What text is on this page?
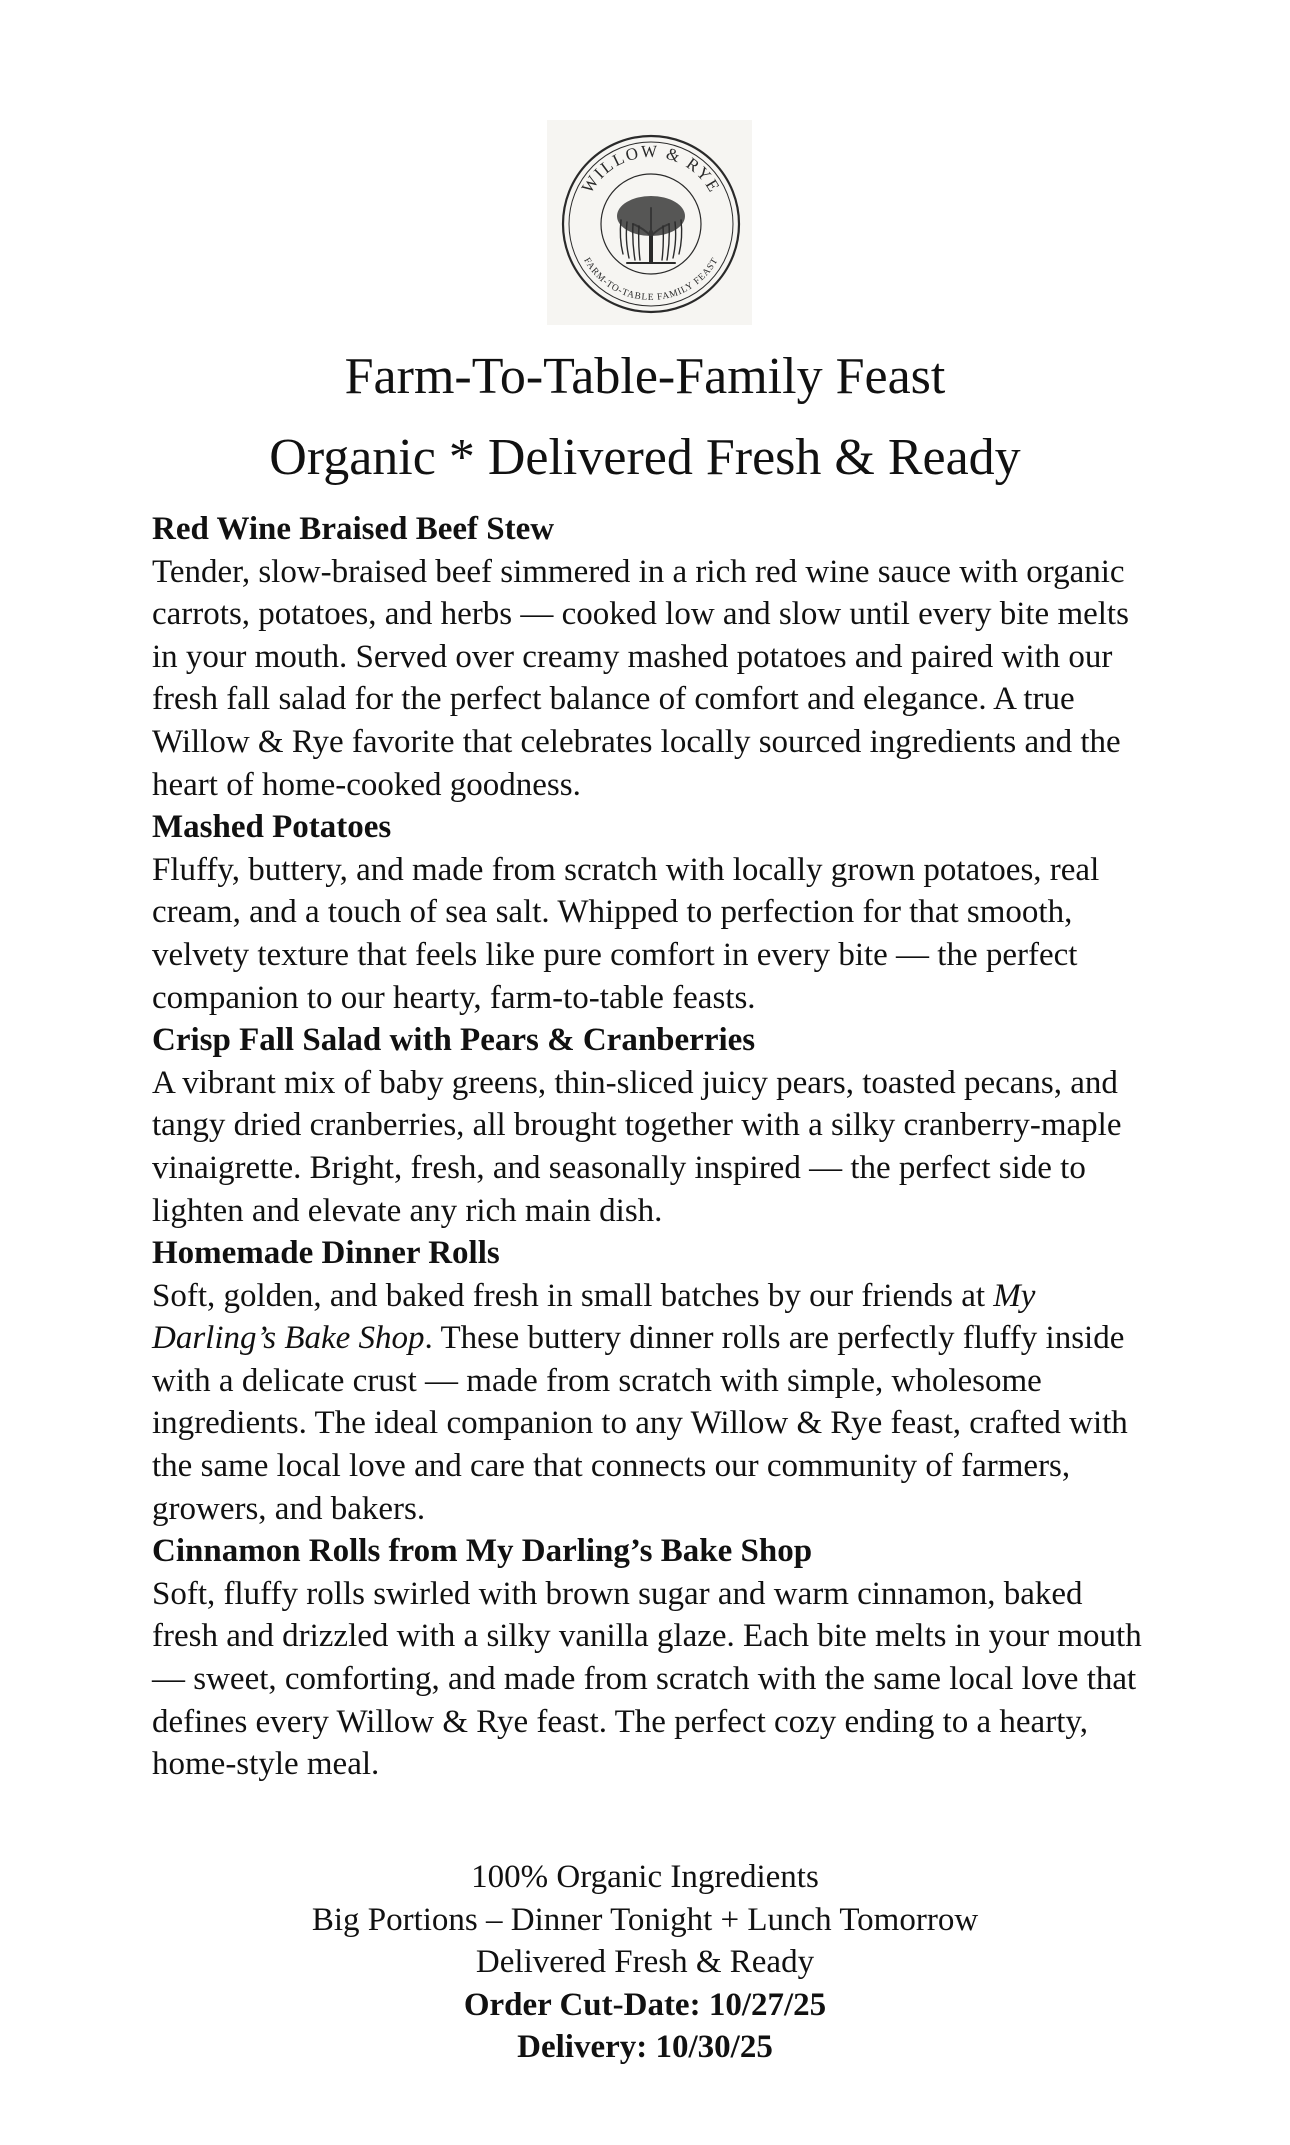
WILLOW & RYE
FARM-TO-TABLE FAMILY FEAST
Farm-To-Table-Family Feast
Organic * Delivered Fresh & Ready

Red Wine Braised Beef Stew

Tender, slow-braised beef simmered in a rich red wine sauce with organic carrots, potatoes, and herbs — cooked low and slow until every bite melts in your mouth. Served over creamy mashed potatoes and paired with our fresh fall salad for the perfect balance of comfort and elegance. A true Willow & Rye favorite that celebrates locally sourced ingredients and the heart of home-cooked goodness.

Mashed Potatoes

Fluffy, buttery, and made from scratch with locally grown potatoes, real cream, and a touch of sea salt. Whipped to perfection for that smooth, velvety texture that feels like pure comfort in every bite — the perfect companion to our hearty, farm-to-table feasts.

Crisp Fall Salad with Pears & Cranberries

A vibrant mix of baby greens, thin-sliced juicy pears, toasted pecans, and tangy dried cranberries, all brought together with a silky cranberry-maple vinaigrette. Bright, fresh, and seasonally inspired — the perfect side to lighten and elevate any rich main dish.

Homemade Dinner Rolls

Soft, golden, and baked fresh in small batches by our friends at My Darling’s Bake Shop. These buttery dinner rolls are perfectly fluffy inside with a delicate crust — made from scratch with simple, wholesome ingredients. The ideal companion to any Willow & Rye feast, crafted with the same local love and care that connects our community of farmers, growers, and bakers.

Cinnamon Rolls from My Darling’s Bake Shop

Soft, fluffy rolls swirled with brown sugar and warm cinnamon, baked fresh and drizzled with a silky vanilla glaze. Each bite melts in your mouth — sweet, comforting, and made from scratch with the same local love that defines every Willow & Rye feast. The perfect cozy ending to a hearty, home-style meal.

100% Organic Ingredients

Big Portions – Dinner Tonight + Lunch Tomorrow

Delivered Fresh & Ready

Order Cut-Date: 10/27/25

Delivery: 10/30/25
